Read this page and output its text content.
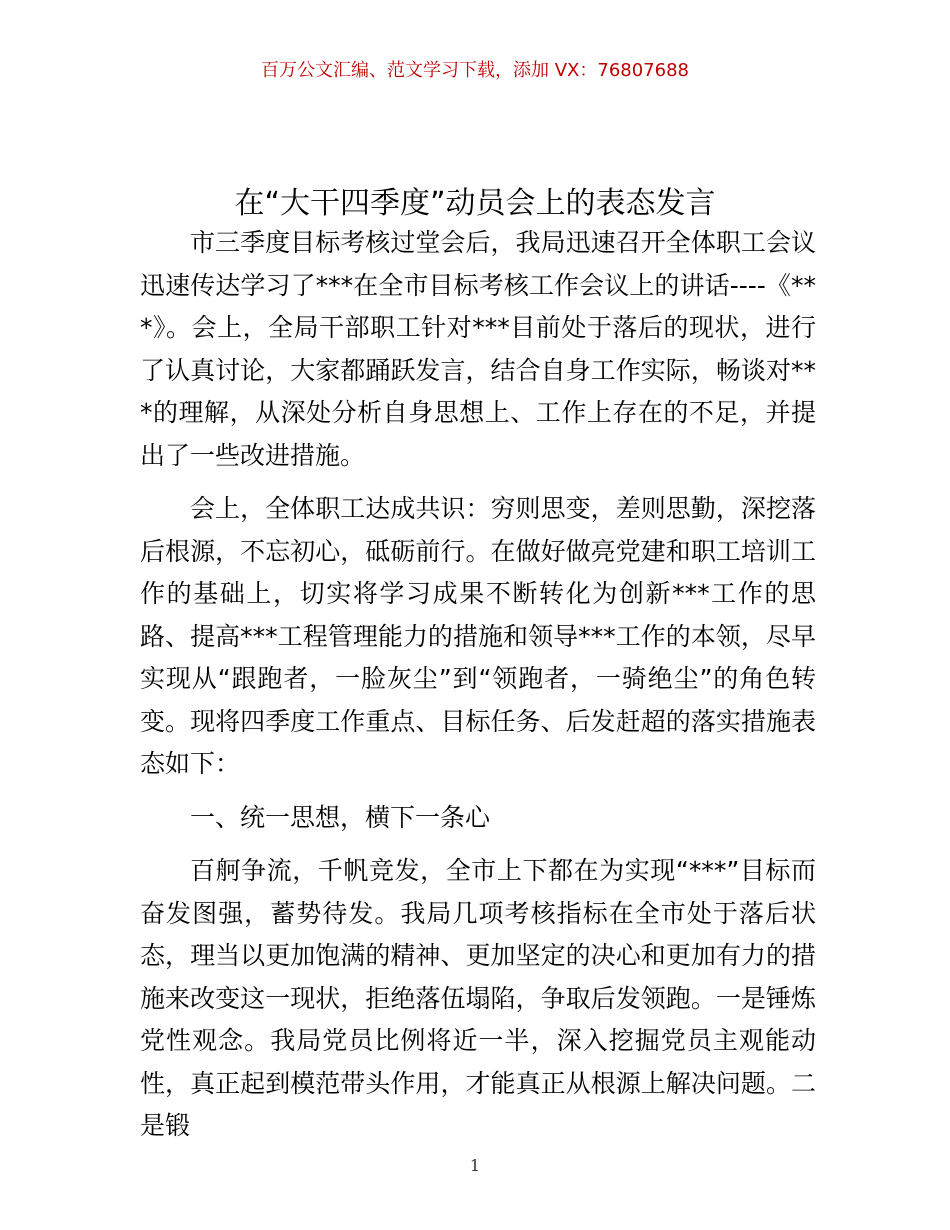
百万公文汇编、范文学习下载，添加 VX：76807688
在“大干四季度”动员会上的表态发言

市三季度目标考核过堂会后，我局迅速召开全体职工会议迅速传达学习了***在全市目标考核工作会议上的讲话----《***》。会上，全局干部职工针对***目前处于落后的现状，进行了认真讨论，大家都踊跃发言，结合自身工作实际，畅谈对***的理解，从深处分析自身思想上、工作上存在的不足，并提出了一些改进措施。

会上，全体职工达成共识：穷则思变，差则思勤，深挖落后根源，不忘初心，砥砺前行。在做好做亮党建和职工培训工作的基础上，切实将学习成果不断转化为创新***工作的思路、提高***工程管理能力的措施和领导***工作的本领，尽早实现从“跟跑者，一脸灰尘”到“领跑者，一骑绝尘”的角色转变。现将四季度工作重点、目标任务、后发赶超的落实措施表态如下：

一、统一思想，横下一条心

百舸争流，千帆竞发，全市上下都在为实现“***”目标而奋发图强，蓄势待发。我局几项考核指标在全市处于落后状态，理当以更加饱满的精神、更加坚定的决心和更加有力的措施来改变这一现状，拒绝落伍塌陷，争取后发领跑。一是锤炼党性观念。我局党员比例将近一半，深入挖掘党员主观能动性，真正起到模范带头作用，才能真正从根源上解决问题。二是锻

1
